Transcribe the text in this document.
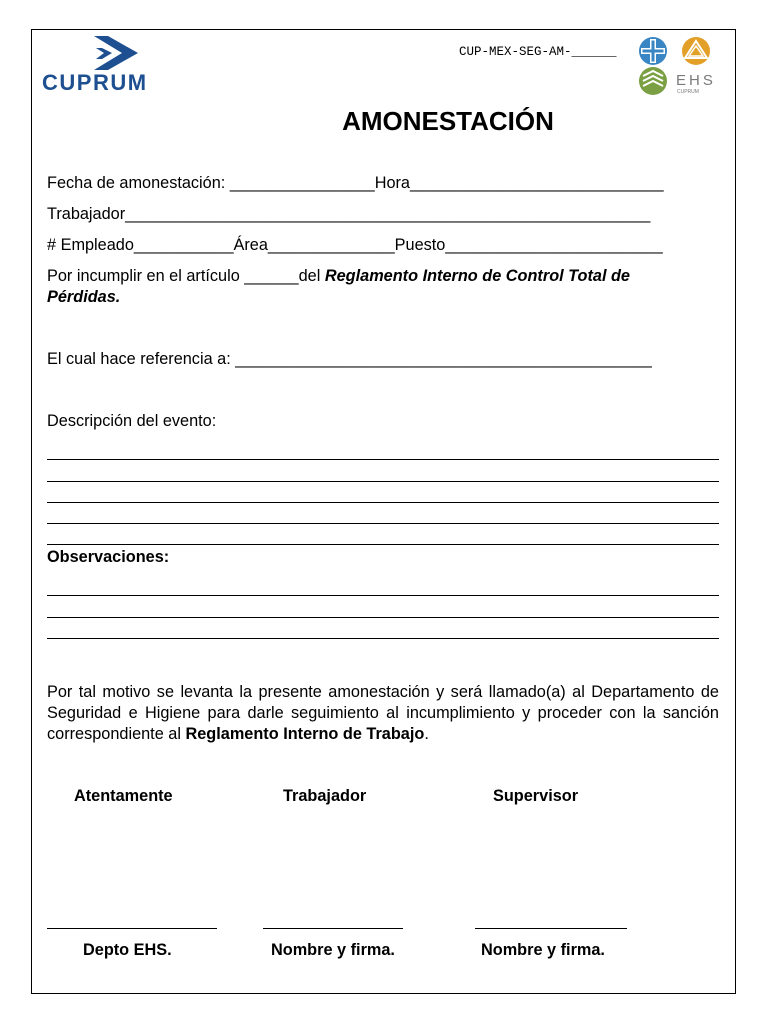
CUPRUM
CUP-MEX-SEG-AM-______
EHS
CUPRUM
AMONESTACIÓN
Fecha de amonestación: ________________Hora____________________________
Trabajador__________________________________________________________
# Empleado___________Área______________Puesto________________________
Por incumplir en el artículo ______del Reglamento Interno de Control Total de
Pérdidas.
El cual hace referencia a: ______________________________________________
Descripción del evento:
Observaciones:
Por tal motivo se levanta la presente amonestación y será llamado(a) al Departamento de Seguridad e Higiene para darle seguimiento al incumplimiento y proceder con la sanción correspondiente al Reglamento Interno de Trabajo.
Atentamente	Trabajador	Supervisor
Depto EHS.	Nombre y firma.	Nombre y firma.
